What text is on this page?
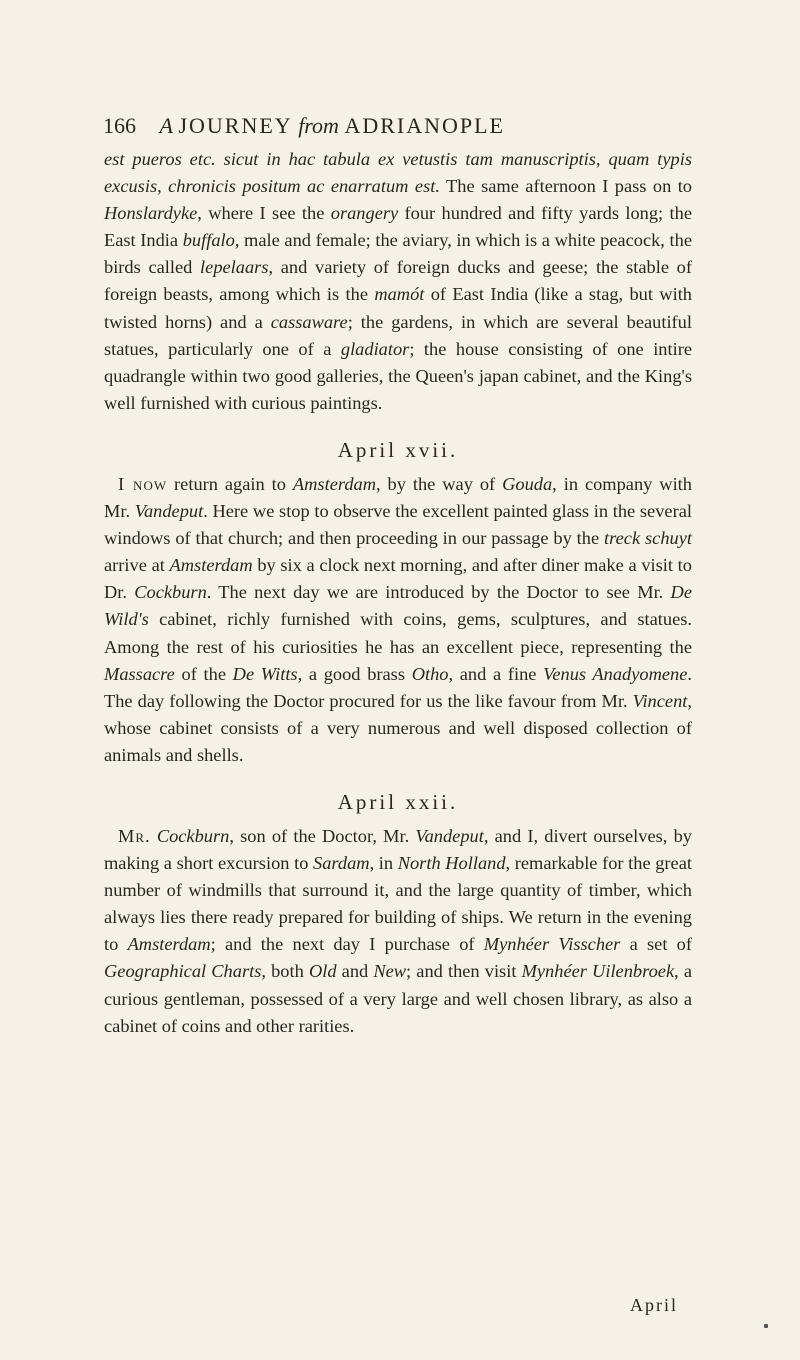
166 A JOURNEY from ADRIANOPLE

est pueros etc. sicut in hac tabula ex vetustis tam manuscriptis, quam typis excusis, chronicis positum ac enarratum est. The same afternoon I pass on to Honslardyke, where I see the orangery four hundred and fifty yards long; the East India buffalo, male and female; the aviary, in which is a white peacock, the birds called lepelaars, and variety of foreign ducks and geese; the stable of foreign beasts, among which is the mamót of East India (like a stag, but with twisted horns) and a cassaware; the gardens, in which are several beautiful statues, particularly one of a gladiator; the house consisting of one intire quadrangle within two good galleries, the Queen's japan cabinet, and the King's well furnished with curious paintings.

April xvii.

I now return again to Amsterdam, by the way of Gouda, in company with Mr. Vandeput. Here we stop to observe the excellent painted glass in the several windows of that church; and then proceeding in our passage by the treck schuyt arrive at Amsterdam by six a clock next morning, and after diner make a visit to Dr. Cockburn. The next day we are introduced by the Doctor to see Mr. De Wild's cabinet, richly furnished with coins, gems, sculptures, and statues. Among the rest of his curiosities he has an excellent piece, representing the Massacre of the De Witts, a good brass Otho, and a fine Venus Anadyomene. The day following the Doctor procured for us the like favour from Mr. Vincent, whose cabinet consists of a very numerous and well disposed collection of animals and shells.

April xxii.

Mr. Cockburn, son of the Doctor, Mr. Vandeput, and I, divert ourselves, by making a short excursion to Sardam, in North Holland, remarkable for the great number of windmills that surround it, and the large quantity of timber, which always lies there ready prepared for building of ships. We return in the evening to Amsterdam; and the next day I purchase of Mynhéer Visscher a set of Geographical Charts, both Old and New; and then visit Mynhéer Uilenbroek, a curious gentleman, possessed of a very large and well chosen library, as also a cabinet of coins and other rarities.

April
